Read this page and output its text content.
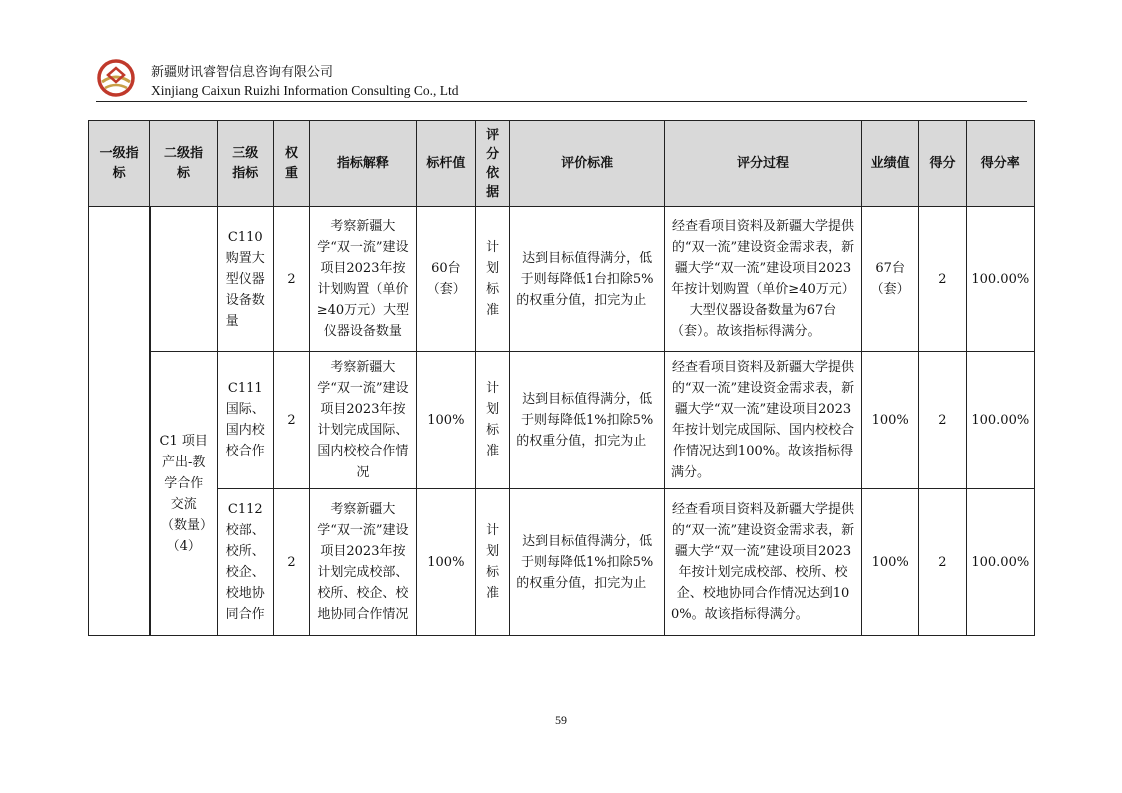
新疆财讯睿智信息咨询有限公司
Xinjiang Caixun Ruizhi Information Consulting Co., Ltd
一级指标	二级指标	三级指标	权重	指标解释	标杆值	评分依据	评价标准	评分过程	业绩值	得分	得分率
		C110 购置大型仪器设备数量	2	考察新疆大学“双一流”建设项目2023年按计划购置（单价≥40万元）大型仪器设备数量	60台（套）	计划标准	达到目标值得满分，低于则每降低1台扣除5%的权重分值，扣完为止	经查看项目资料及新疆大学提供的“双一流”建设资金需求表，新疆大学“双一流”建设项目2023年按计划购置（单价≥40万元）大型仪器设备数量为67台（套）。故该指标得满分。	67台（套）	2	100.00%
	C1 项目产出-教学合作交流（数量）（4）	C111 国际、国内校校合作	2	考察新疆大学“双一流”建设项目2023年按计划完成国际、国内校校合作情况	100%	计划标准	达到目标值得满分，低于则每降低1%扣除5%的权重分值，扣完为止	经查看项目资料及新疆大学提供的“双一流”建设资金需求表，新疆大学“双一流”建设项目2023年按计划完成国际、国内校校合作情况达到100%。故该指标得满分。	100%	2	100.00%
		C112 校部、校所、校企、校地协同合作	2	考察新疆大学“双一流”建设项目2023年按计划完成校部、校所、校企、校地协同合作情况	100%	计划标准	达到目标值得满分，低于则每降低1%扣除5%的权重分值，扣完为止	经查看项目资料及新疆大学提供的“双一流”建设资金需求表，新疆大学“双一流”建设项目2023年按计划完成校部、校所、校企、校地协同合作情况达到100%。故该指标得满分。	100%	2	100.00%
59
